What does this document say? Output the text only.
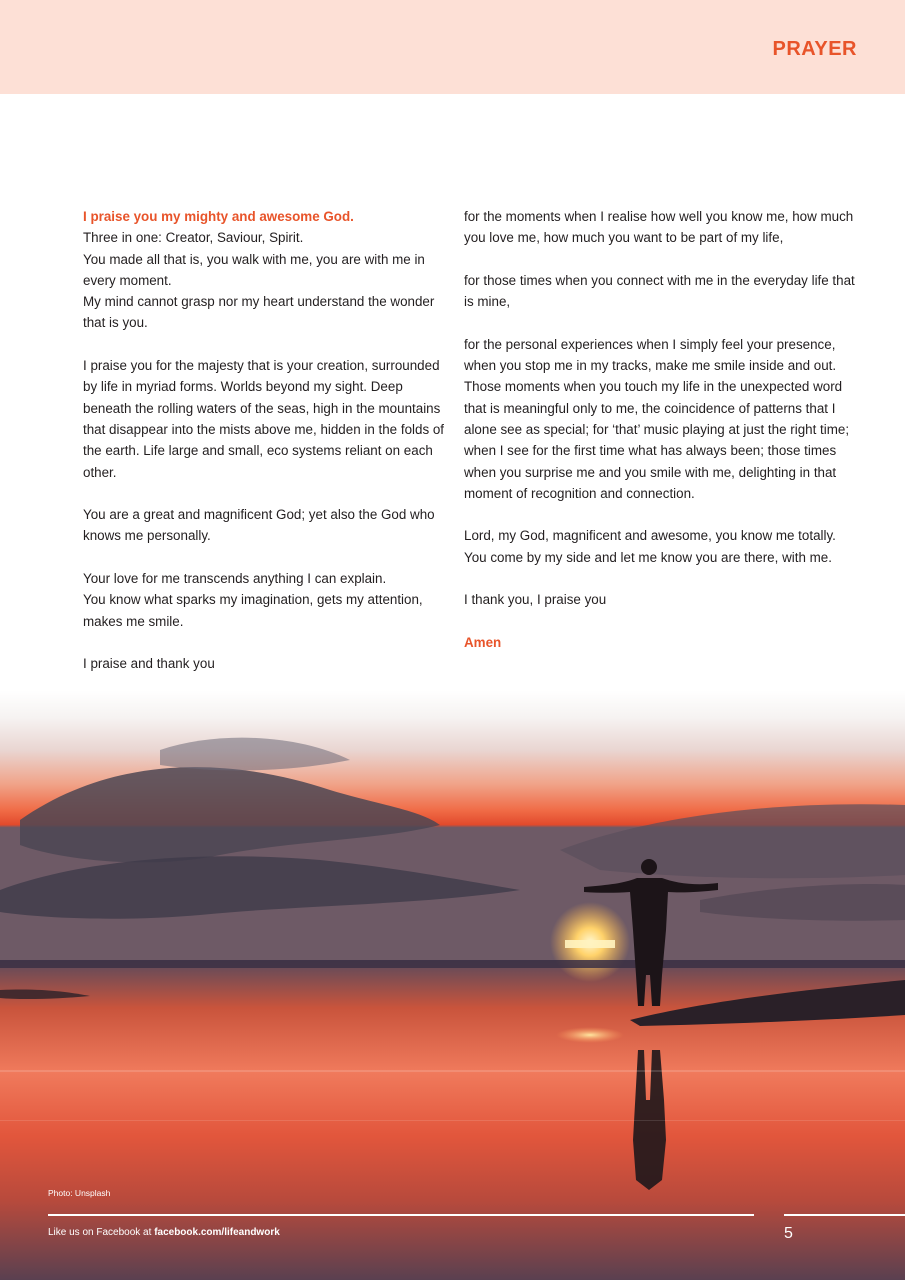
PRAYER

I praise you my mighty and awesome God.
Three in one: Creator, Saviour, Spirit.
You made all that is, you walk with me, you are with me in every moment.
My mind cannot grasp nor my heart understand the wonder that is you.

I praise you for the majesty that is your creation, surrounded by life in myriad forms. Worlds beyond my sight. Deep beneath the rolling waters of the seas, high in the mountains that disappear into the mists above me, hidden in the folds of the earth. Life large and small, eco systems reliant on each other.

You are a great and magnificent God; yet also the God who knows me personally.

Your love for me transcends anything I can explain.
You know what sparks my imagination, gets my attention, makes me smile.

I praise and thank you

for the moments when I realise how well you know me, how much you love me, how much you want to be part of my life,

for those times when you connect with me in the everyday life that is mine,

for the personal experiences when I simply feel your presence, when you stop me in my tracks, make me smile inside and out. Those moments when you touch my life in the unexpected word that is meaningful only to me, the coincidence of patterns that I alone see as special; for ‘that’ music playing at just the right time; when I see for the first time what has always been; those times when you surprise me and you smile with me, delighting in that moment of recognition and connection.

Lord, my God, magnificent and awesome, you know me totally. You come by my side and let me know you are there, with me.

I thank you, I praise you

Amen

Photo: Unsplash
Like us on Facebook at facebook.com/lifeandwork	5
